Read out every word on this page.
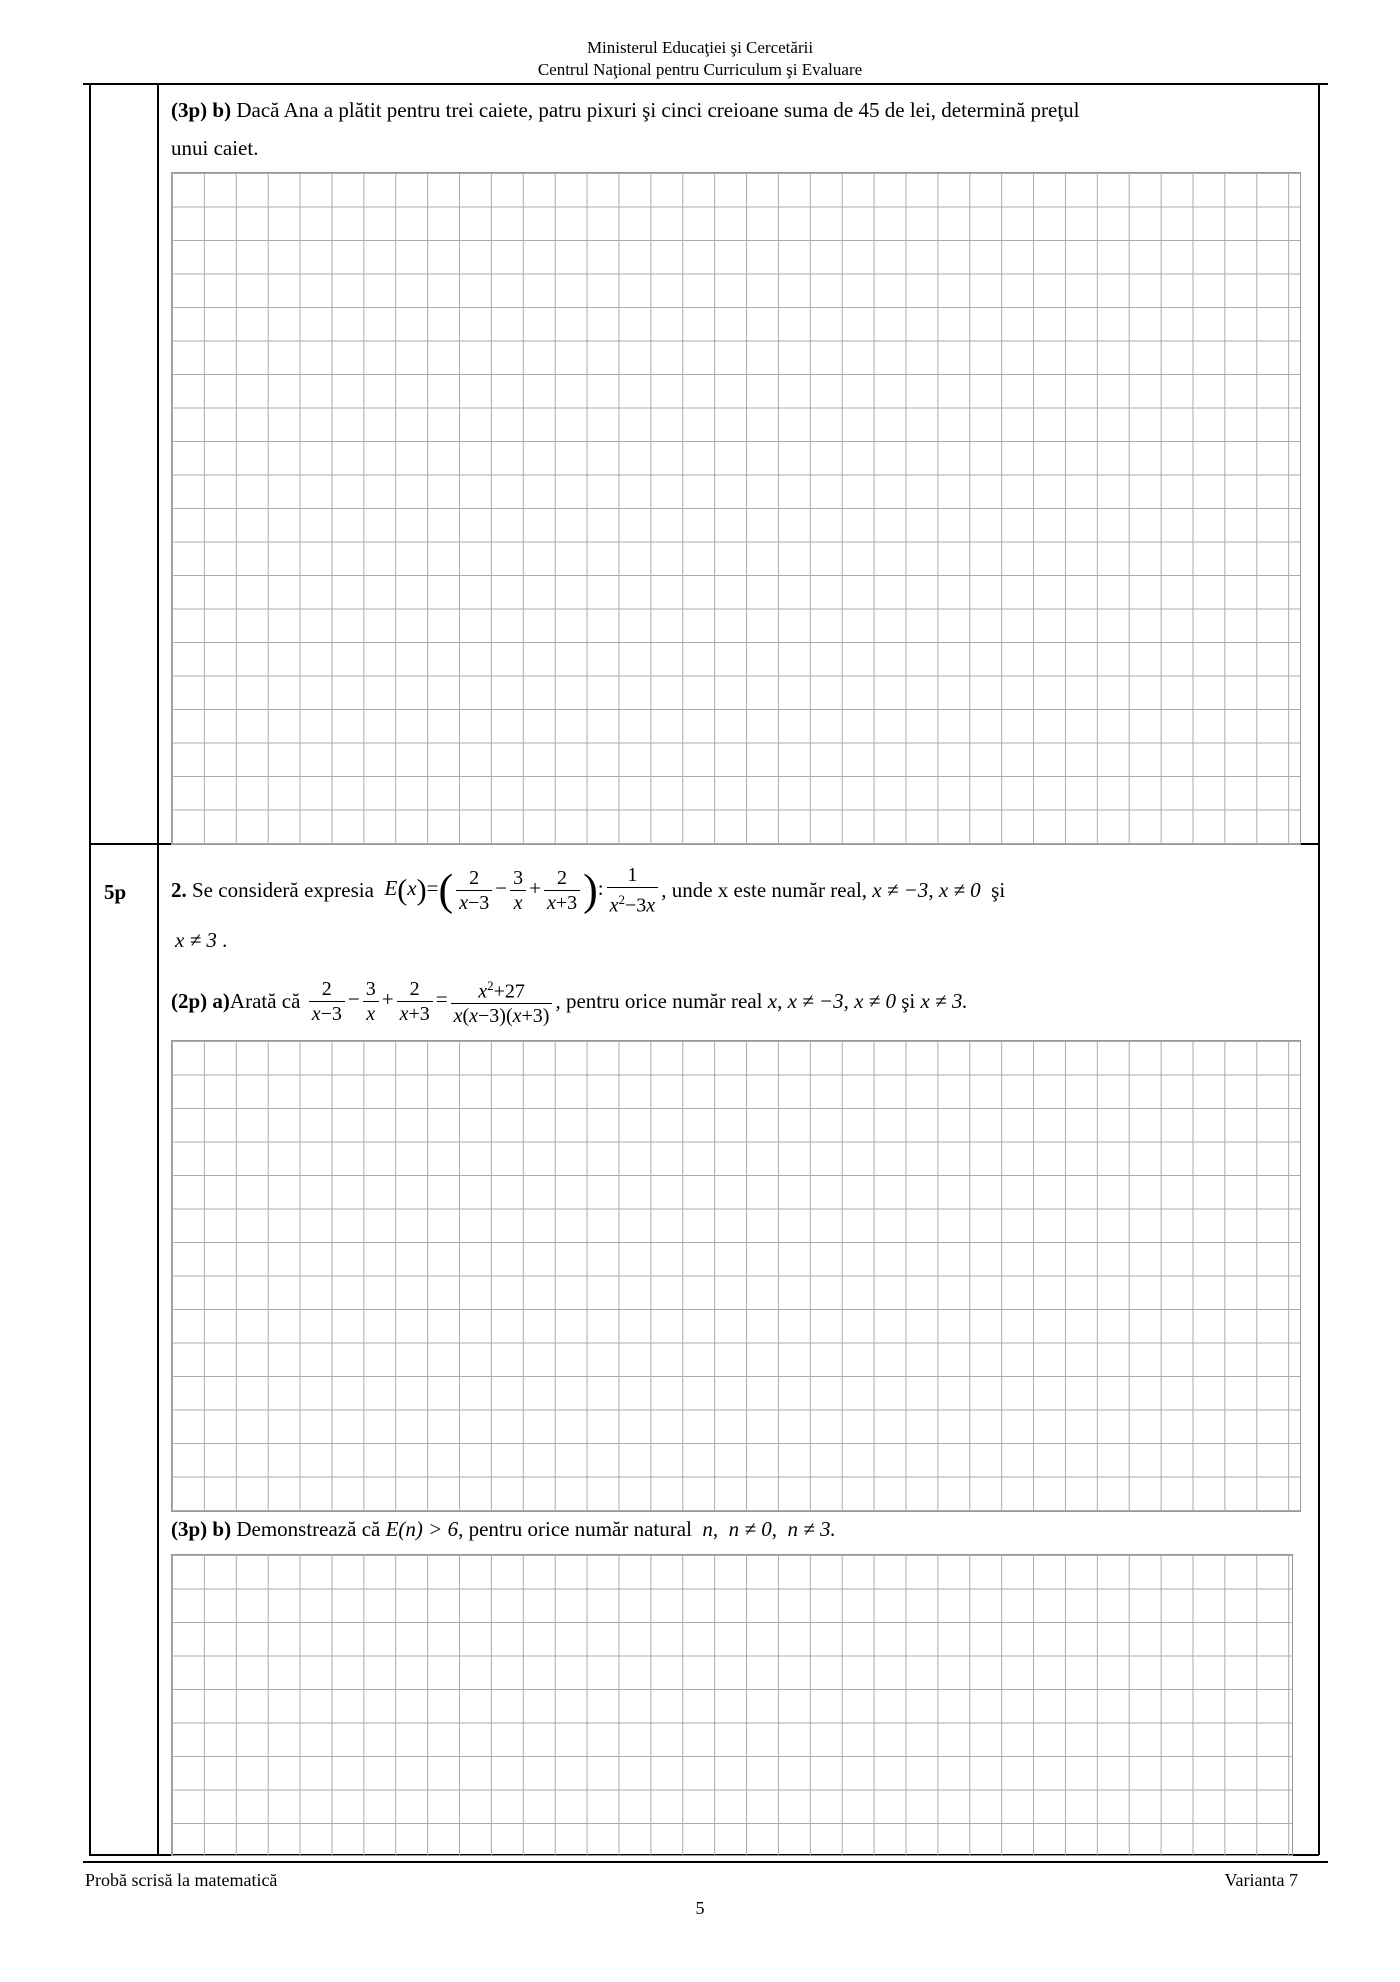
Ministerul Educaţiei şi Cercetării
Centrul Naţional pentru Curriculum şi Evaluare
(3p) b) Dacă Ana a plătit pentru trei caiete, patru pixuri şi cinci creioane suma de 45 de lei, determină preţul
unui caiet.
5p 2.
Se consideră expresia
$E(x)=( \frac{2}{x-3} - \frac{3}{x} + \frac{2}{x+3}$ ): $\frac{1}{x^2-3x}$ , unde x este număr real,
x ≠ −3 , x ≠ 0
şi
x ≠ 3 .
(2p) a) Arată că
$\frac{2}{x-3} - \frac{3}{x} + \frac{2}{x+3} = \frac{x^2+27}{x(x-3)(x+3)}$ , pentru orice număr real
x , x ≠ −3 , x ≠ 0
şi
x ≠ 3.
(3p) b) Demonstrează că E(n) > 6, pentru orice număr natural n,  n ≠ 0,  n ≠ 3.
Probă scrisă la matematică	Varianta 7
5
